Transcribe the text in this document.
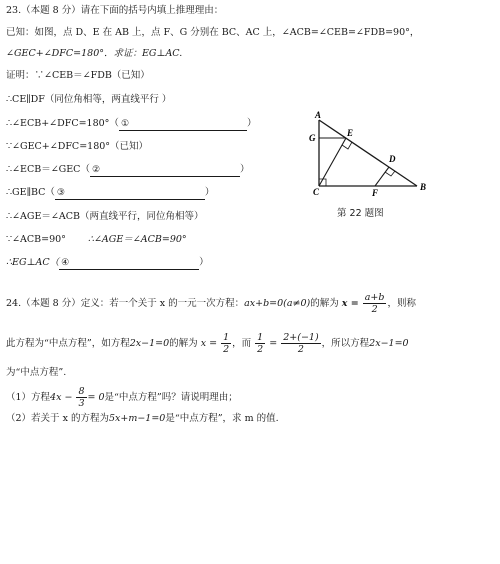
23.（本题 8 分）请在下面的括号内填上推理理由：
已知：如图，点 D、E 在 AB 上，点 F、G 分别在 BC、AC 上，∠ACB=∠CEB=∠FDB=90°，
∠GEC+∠DFC=180°．求证：EG⊥AC.
证明：∵∠CEB＝∠FDB（已知）
∴CE∥DF（同位角相等，两直线平行 ）
∴∠ECB+∠DFC=180°（ ①	）
∵∠GEC+∠DFC=180°（已知）
∴∠ECB＝∠GEC（ ②	）
∴GE∥BC（ ③	）
∴∠AGE＝∠ACB（两直线平行，同位角相等）
∵∠ACB=90° ∴∠AGE＝∠ACB=90°
∴EG⊥AC（ ④	）
A
E
G
D
C	F
B
第 22 题图
24.（本题 8 分）定义：若一个关于 x 的一元一次方程：ax+b=0(a≠0)的解为 $x = \frac{a+b}{2}$ ，则称
此方程为“中点方程”，如方程2x−1=0的解为 $x = \frac{1}{2}$ ，而 $\frac{1}{2} = \frac{2+(-1)}{2}$ ，所以方程2x−1=0
为“中点方程”.
（1）方程$4x - \frac{8}{3} = 0$是“中点方程”吗？请说明理由；
（2）若关于 x 的方程为5x+m−1=0是“中点方程”，求 m 的值.
